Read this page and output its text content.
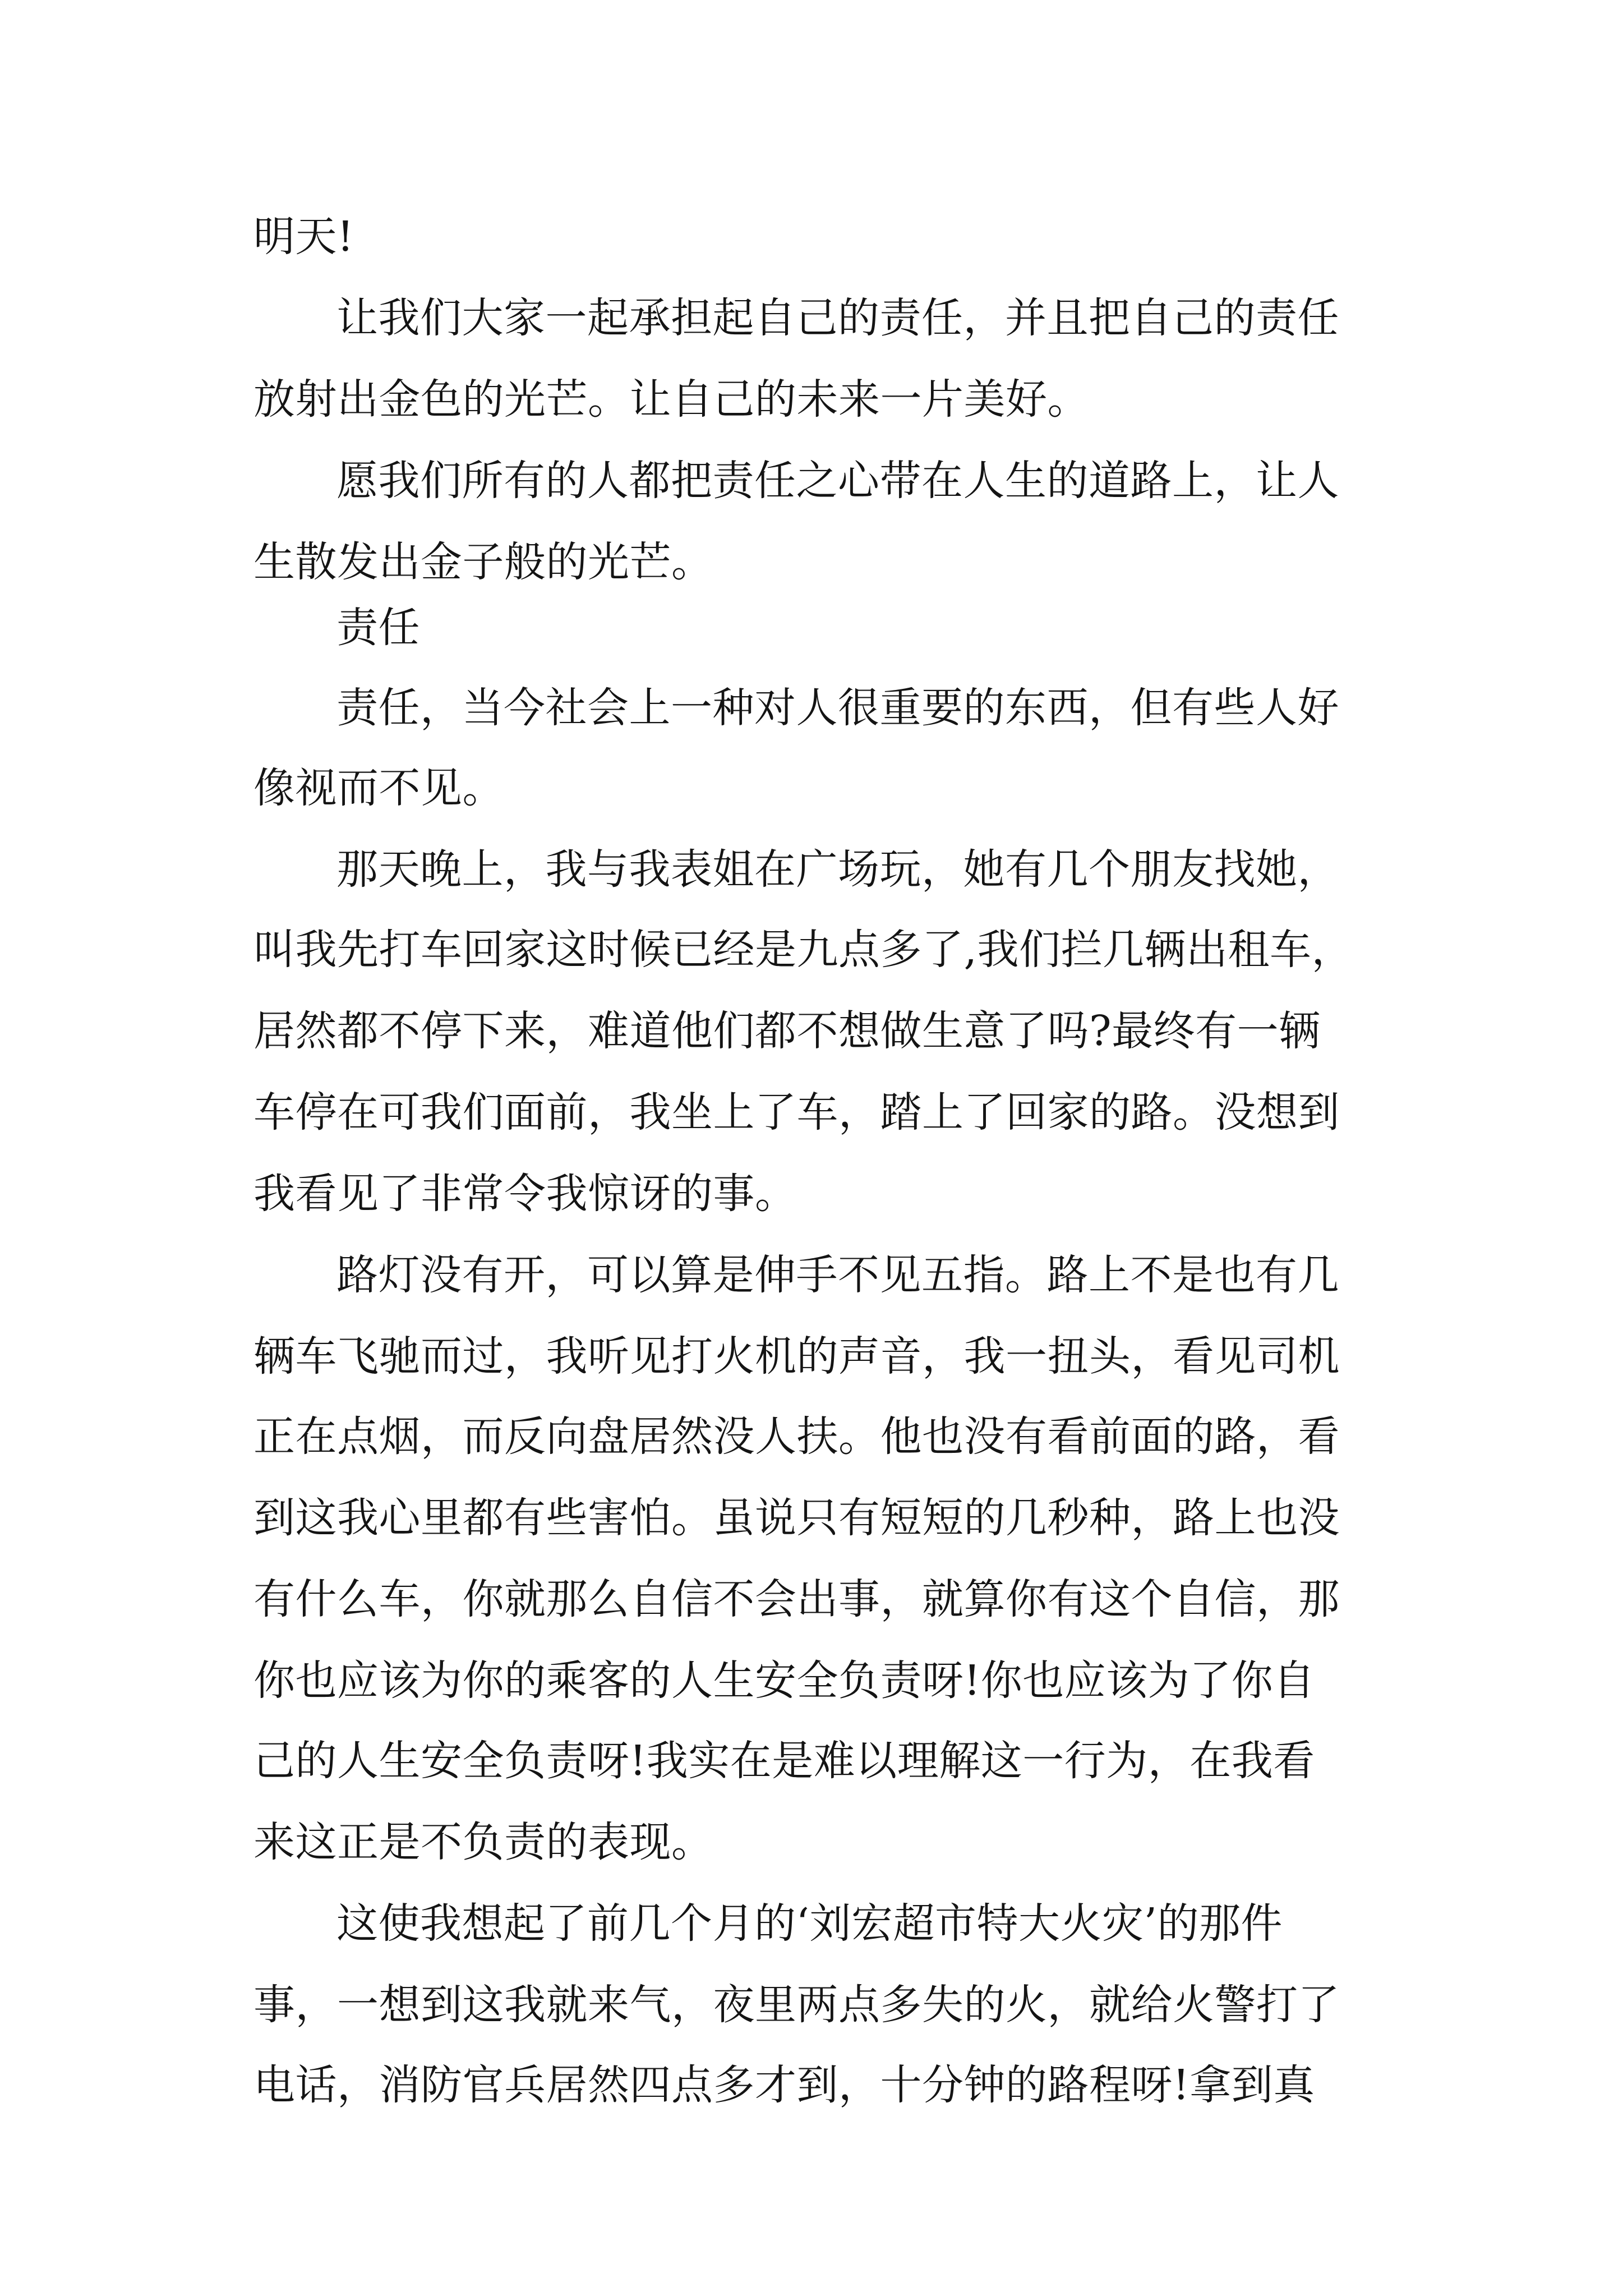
明天!
让我们大家一起承担起自己的责任，并且把自己的责任
放射出金色的光芒。让自己的未来一片美好。
愿我们所有的人都把责任之心带在人生的道路上，让人
生散发出金子般的光芒。
责任
责任，当今社会上一种对人很重要的东西，但有些人好
像视而不见。
那天晚上，我与我表姐在广场玩，她有几个朋友找她，
叫我先打车回家这时候已经是九点多了,我们拦几辆出租车，
居然都不停下来，难道他们都不想做生意了吗?最终有一辆
车停在可我们面前，我坐上了车，踏上了回家的路。没想到
我看见了非常令我惊讶的事。
路灯没有开，可以算是伸手不见五指。路上不是也有几
辆车飞驰而过，我听见打火机的声音，我一扭头，看见司机
正在点烟，而反向盘居然没人扶。他也没有看前面的路，看
到这我心里都有些害怕。虽说只有短短的几秒种，路上也没
有什么车，你就那么自信不会出事，就算你有这个自信，那
你也应该为你的乘客的人生安全负责呀!你也应该为了你自
己的人生安全负责呀!我实在是难以理解这一行为，在我看
来这正是不负责的表现。
这使我想起了前几个月的‘刘宏超市特大火灾’的那件
事，一想到这我就来气，夜里两点多失的火，就给火警打了
电话，消防官兵居然四点多才到，十分钟的路程呀!拿到真
